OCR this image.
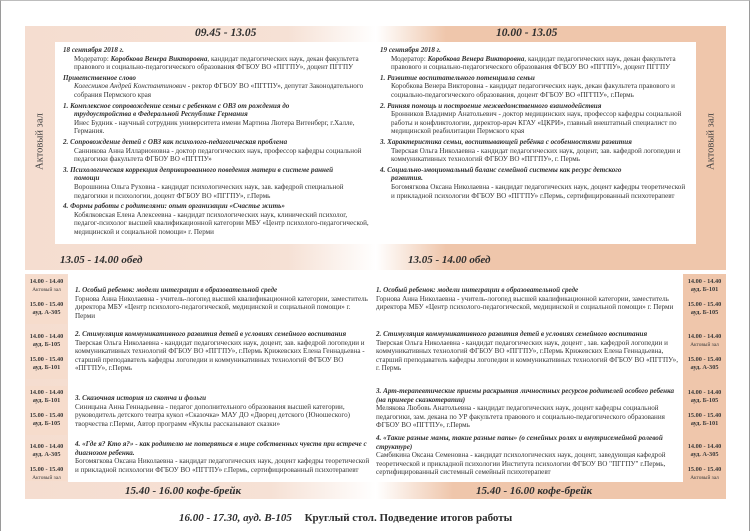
09.45 - 13.05
Актовый зал
18 сентября 2018 г.
Модератор: Коробкова Венера Викторовна, кандидат педагогических наук, декан факультета правового и социально-педагогического образования ФГБОУ ВО «ПГГПУ», доцент ПГГПУ
Приветственное слово
Колесников Андрей Константинович - ректор ФГБОУ ВО «ПГГПУ», депутат Законодательного собрания Пермского края
1. Комплексное сопровождение семьи с ребенком с ОВЗ от рождения до
трудоустройства в Федеральной Республике Германия
Инес Будник - научный сотрудник университета имени Мартина Лютера Витенберг, г.Халле, Германия.
2. Сопровождение детей с ОВЗ как психолого-педагогическая проблема
Санникова Анна Илларионовна - доктор педагогических наук, профессор кафедры социальной педагогики факультета ФГБОУ ВО «ПГГПУ»
3. Психологическая коррекция депривированного поведения матери в системе ранней
помощи
Ворошнина Ольга Руховна - кандидат психологических наук, зав. кафедрой специальной педагогики и психологии, доцент ФГБОУ ВО «ПГГПУ», г.Пермь
4. Формы работы с родителями: опыт организации «Счастье жить»
Кобялковская Елена Алексеевна - кандидат психологических наук, клинический психолог, педагог-психолог высшей квалификационной категории МБУ «Центр психолого-педагогической, медицинской и социальной помощи» г. Перми
13.05 - 14.00 обед
10.00 - 13.05
Актовый зал
19 сентября 2018 г.
Модератор: Коробкова Венера Викторовна, кандидат педагогических наук, декан факультета правового и социально-педагогического образования ФГБОУ ВО «ПГГПУ», доцент ПГГПУ
1. Развитие воспитательного потенциала семьи
Коробкова Венера Викторовна - кандидат педагогических наук, декан факультета правового и социально-педагогического образования, доцент ФГБОУ ВО «ПГГПУ», г.Пермь
2. Ранняя помощь и построение межведомственного взаимодействия
Бронников Владимир Анатольевич - доктор медицинских наук, профессор кафедры социальной работы и конфликтологии, директор-врач КГАУ «ЦКРИ», главный внештатный специалист по медицинской реабилитации Пермского края
3. Характеристика семьи, воспитывающей ребёнка с особенностями развития
Тверская Ольга Николаевна - кандидат педагогических наук, доцент, зав. кафедрой логопедии и коммуникативных технологий ФГБОУ ВО «ПГГПУ», г. Пермь
4. Социально-эмоциональный баланс семейной системы как ресурс детского
развития.
Богомягкова Оксана Николаевна - кандидат педагогических наук, доцент кафедры теоретической и прикладной психологии ФГБОУ ВО «ПГГПУ» г.Пермь, сертифицированный психотерапевт
13.05 - 14.00 обед
14.00 - 14.40
Актовый зал
15.00 - 15.40
ауд. А-305
1. Особый ребенок: модели интеграции в образовательной среде
Горнова Анна Николаевна - учитель-логопед высшей квалификационной категории, заместитель директора МБУ «Центр психолого-педагогической, медицинской и социальной помощи» г. Перми
14.00 - 14.40
ауд. Б-105
15.00 - 15.40
ауд. Б-101
2. Стимуляция коммуникативного развития детей в условиях семейного воспитания
Тверская Ольга Николаевна - кандидат педагогических наук, доцент, зав. кафедрой логопедии и коммуникативных технологий ФГБОУ ВО «ПГГПУ», г.Пермь Крижевских Елена Геннадьевна - старший преподаватель кафедры логопедии и коммуникативных технологий ФГБОУ ВО «ПГГПУ», г.Пермь
14.00 - 14.40
ауд. Б-101
15.00 - 15.40
ауд. Б-105
3. Сказочная история из скотча и фольги
Синицына Анна Геннадьевна - педагог дополнительного образования высшей категории, руководитель детского театра кукол «Сказочка» МАУ ДО «Дворец детского (Юношеского) творчества г.Перми, Автор программ «Куклы рассказывают сказки»
14.00 - 14.40
ауд. А-305
15.00 - 15.40
Актовый зал
4. «Где я? Кто я?» - как родителю не потеряться в мире собственных чувств при встрече с диагнозом ребенка.
Богомягкова Оксана Николаевна - кандидат педагогических наук, доцент кафедры теоретической и прикладной психологии ФГБОУ ВО «ПГГПУ» г.Пермь, сертифицированный психотерапевт
15.40 - 16.00 кофе-брейк
14.00 - 14.40
ауд. Б-101
15.00 - 15.40
ауд. Б-105
1. Особый ребенок: модели интеграции в образовательной среде
Горнова Анна Николаевна - учитель-логопед высшей квалификационной категории, заместитель директора МБУ «Центр психолого-педагогической, медицинской и социальной помощи» г. Перми
14.00 - 14.40
Актовый зал
15.00 - 15.40
ауд. А-305
2. Стимуляция коммуникативного развития детей в условиях семейного воспитания
Тверская Ольга Николаевна - кандидат педагогических наук, доцент , зав. кафедрой логопедии и коммуникативных технологий ФГБОУ ВО «ПГГПУ», г.Пермь Крижевских Елена Геннадьевна, старший преподаватель кафедры логопедии и коммуникативных технологий ФГБОУ ВО «ПГГПУ», г. Пермь
14.00 - 14.40
ауд. Б-105
15.00 - 15.40
ауд. Б-101
3. Арт-терапевтические приемы раскрытия личностных ресурсов родителей особого ребенка (на примере сказкотерапии)
Мелякова Любовь Анатольевна - кандидат педагогических наук, доцент кафедры социальной педагогики, зам. декана по УР факультета правового и социально-педагогического образования ФГБОУ ВО «ПГГПУ», г.Пермь
14.00 - 14.40
ауд. А-305
15.00 - 15.40
Актовый зал
4. «Такие разные мамы, такие разные папы» (о семейных ролях и внутрисемейной ролевой структуре)
Самбикина Оксана Семеновна - кандидат психологических наук, доцент, заведующая кафедрой теоретической и прикладной психологии Института психологии ФГБОУ ВО "ПГГПУ" г.Пермь, сертифицированный системный семейный психотерапевт
15.40 - 16.00 кофе-брейк
16.00 - 17.30, ауд. В-105 Круглый стол. Подведение итогов работы
